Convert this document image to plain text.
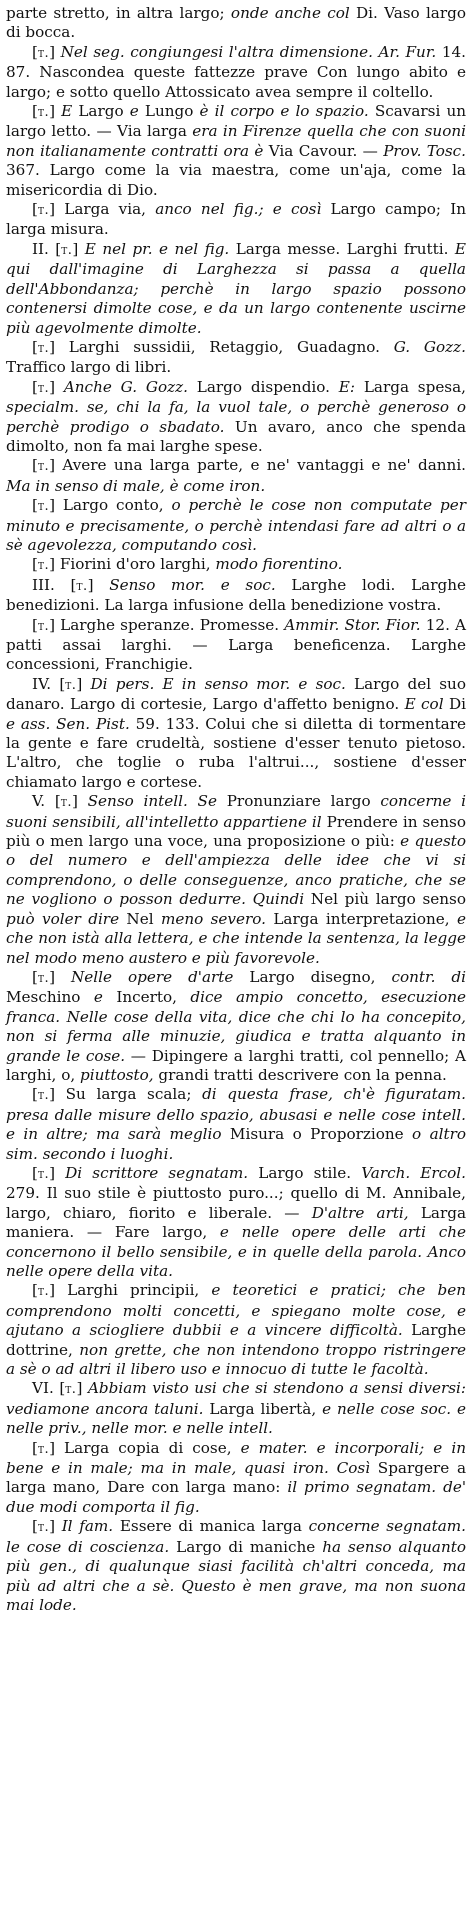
parte stretto, in altra largo; onde anche col Di. Vaso largo di bocca.

[t.] Nel seg. congiungesi l'altra dimensione. Ar. Fur. 14. 87. Nascondea queste fattezze prave Con lungo abito e largo; e sotto quello Attossicato avea sempre il coltello.

[t.] E Largo e Lungo è il corpo e lo spazio. Scavarsi un largo letto. — Via larga era in Firenze quella che con suoni non italianamente contratti ora è Via Cavour. — Prov. Tosc. 367. Largo come la via maestra, come un'aja, come la misericordia di Dio.

[t.] Larga via, anco nel fig.; e così Largo campo; In larga misura.

II. [t.] E nel pr. e nel fig. Larga messe. Larghi frutti. E qui dall'imagine di Larghezza si passa a quella dell'Abbondanza; perchè in largo spazio possono contenersi dimolte cose, e da un largo contenente uscirne più agevolmente dimolte.

[t.] Larghi sussidii, Retaggio, Guadagno. G. Gozz. Traffico largo di libri.

[t.] Anche G. Gozz. Largo dispendio. E: Larga spesa, specialm. se, chi la fa, la vuol tale, o perchè generoso o perchè prodigo o sbadato. Un avaro, anco che spenda dimolto, non fa mai larghe spese.

[t.] Avere una larga parte, e ne' vantaggi e ne' danni. Ma in senso di male, è come iron.

[t.] Largo conto, o perchè le cose non computate per minuto e precisamente, o perchè intendasi fare ad altri o a sè agevolezza, computando così.

[t.] Fiorini d'oro larghi, modo fiorentino.

III. [t.] Senso mor. e soc. Larghe lodi. Larghe benedizioni. La larga infusione della benedizione vostra.

[t.] Larghe speranze. Promesse. Ammir. Stor. Fior. 12. A patti assai larghi. — Larga beneficenza. Larghe concessioni, Franchigie.

IV. [t.] Di pers. E in senso mor. e soc. Largo del suo danaro. Largo di cortesie, Largo d'affetto benigno. E col Di e ass. Sen. Pist. 59. 133. Colui che si diletta di tormentare la gente e fare crudeltà, sostiene d'esser tenuto pietoso. L'altro, che toglie o ruba l'altrui..., sostiene d'esser chiamato largo e cortese.

V. [t.] Senso intell. Se Pronunziare largo concerne i suoni sensibili, all'intelletto appartiene il Prendere in senso più o men largo una voce, una proposizione o più: e questo o del numero e dell'ampiezza delle idee che vi si comprendono, o delle conseguenze, anco pratiche, che se ne vogliono o posson dedurre. Quindi Nel più largo senso può voler dire Nel meno severo. Larga interpretazione, e che non istà alla lettera, e che intende la sentenza, la legge nel modo meno austero e più favorevole.

[t.] Nelle opere d'arte Largo disegno, contr. di Meschino e Incerto, dice ampio concetto, esecuzione franca. Nelle cose della vita, dice che chi lo ha concepito, non si ferma alle minuzie, giudica e tratta alquanto in grande le cose. — Dipingere a larghi tratti, col pennello; A larghi, o, piuttosto, grandi tratti descrivere con la penna.

[t.] Su larga scala; di questa frase, ch'è figuratam. presa dalle misure dello spazio, abusasi e nelle cose intell. e in altre; ma sarà meglio Misura o Proporzione o altro sim. secondo i luoghi.

[t.] Di scrittore segnatam. Largo stile. Varch. Ercol. 279. Il suo stile è piuttosto puro...; quello di M. Annibale, largo, chiaro, fiorito e liberale. — D'altre arti, Larga maniera. — Fare largo, e nelle opere delle arti che concernono il bello sensibile, e in quelle della parola. Anco nelle opere della vita.

[t.] Larghi principii, e teoretici e pratici; che ben comprendono molti concetti, e spiegano molte cose, e ajutano a sciogliere dubbii e a vincere difficoltà. Larghe dottrine, non grette, che non intendono troppo ristringere a sè o ad altri il libero uso e innocuo di tutte le facoltà.

VI. [t.] Abbiam visto usi che si stendono a sensi diversi: vediamone ancora taluni. Larga libertà, e nelle cose soc. e nelle priv., nelle mor. e nelle intell.

[t.] Larga copia di cose, e mater. e incorporali; e in bene e in male; ma in male, quasi iron. Così Spargere a larga mano, Dare con larga mano: il primo segnatam. de' due modi comporta il fig.

[t.] Il fam. Essere di manica larga concerne segnatam. le cose di coscienza. Largo di maniche ha senso alquanto più gen., di qualunque siasi facilità ch'altri conceda, ma più ad altri che a sè. Questo è men grave, ma non suona mai lode.
